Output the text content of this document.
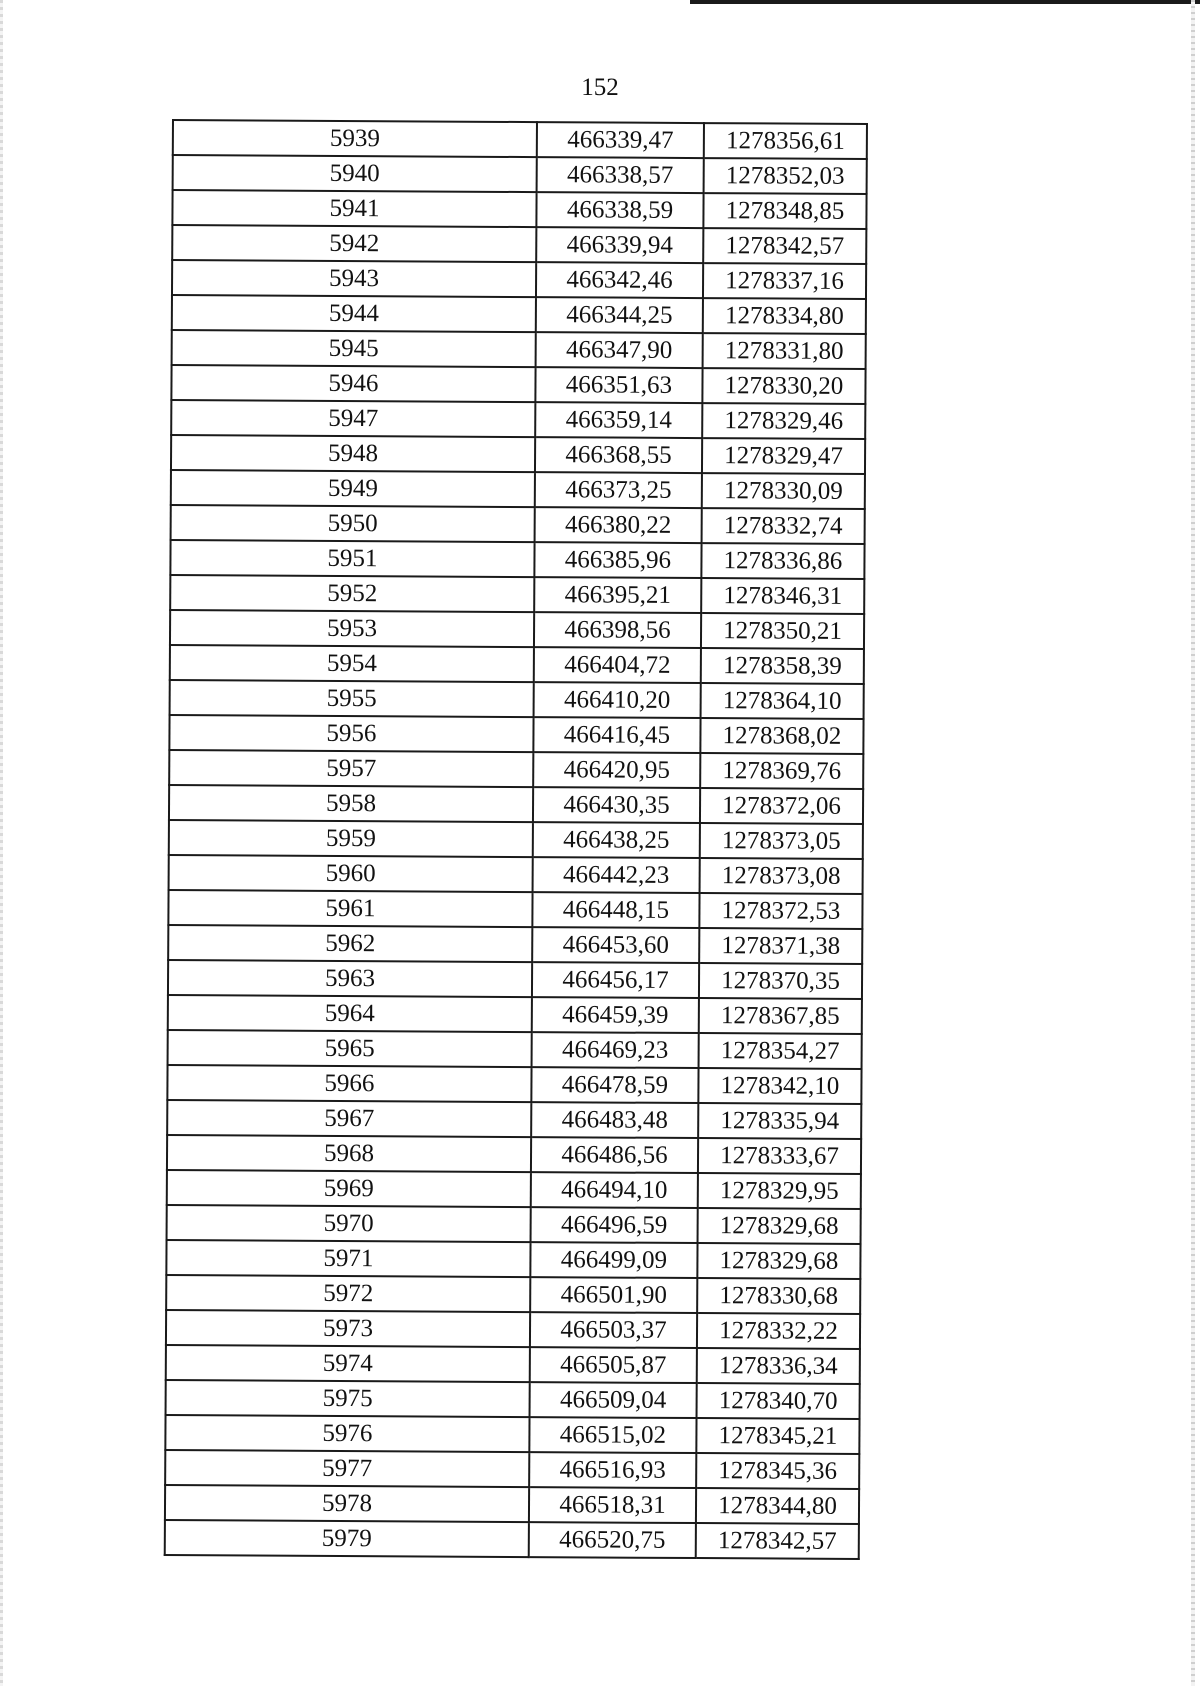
152
5939	466339,47	1278356,61
5940	466338,57	1278352,03
5941	466338,59	1278348,85
5942	466339,94	1278342,57
5943	466342,46	1278337,16
5944	466344,25	1278334,80
5945	466347,90	1278331,80
5946	466351,63	1278330,20
5947	466359,14	1278329,46
5948	466368,55	1278329,47
5949	466373,25	1278330,09
5950	466380,22	1278332,74
5951	466385,96	1278336,86
5952	466395,21	1278346,31
5953	466398,56	1278350,21
5954	466404,72	1278358,39
5955	466410,20	1278364,10
5956	466416,45	1278368,02
5957	466420,95	1278369,76
5958	466430,35	1278372,06
5959	466438,25	1278373,05
5960	466442,23	1278373,08
5961	466448,15	1278372,53
5962	466453,60	1278371,38
5963	466456,17	1278370,35
5964	466459,39	1278367,85
5965	466469,23	1278354,27
5966	466478,59	1278342,10
5967	466483,48	1278335,94
5968	466486,56	1278333,67
5969	466494,10	1278329,95
5970	466496,59	1278329,68
5971	466499,09	1278329,68
5972	466501,90	1278330,68
5973	466503,37	1278332,22
5974	466505,87	1278336,34
5975	466509,04	1278340,70
5976	466515,02	1278345,21
5977	466516,93	1278345,36
5978	466518,31	1278344,80
5979	466520,75	1278342,57
